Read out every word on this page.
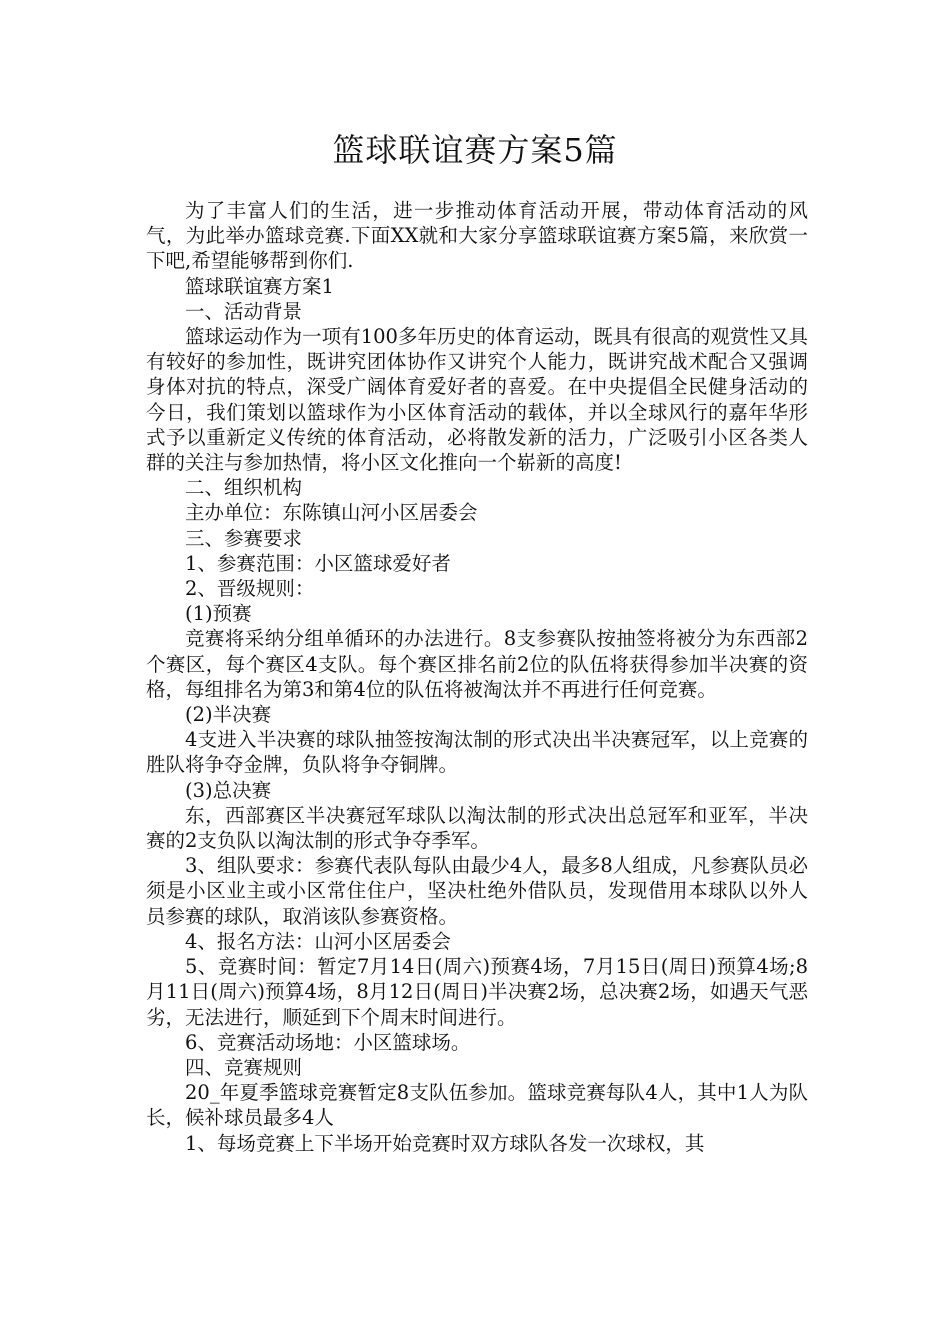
篮球联谊赛方案5篇

为了丰富人们的生活，进一步推动体育活动开展，带动体育活动的风气，为此举办篮球竞赛.下面XX就和大家分享篮球联谊赛方案5篇，来欣赏一下吧,希望能够帮到你们.

篮球联谊赛方案1

一、活动背景

篮球运动作为一项有100多年历史的体育运动，既具有很高的观赏性又具有较好的参加性，既讲究团体协作又讲究个人能力，既讲究战术配合又强调身体对抗的特点，深受广阔体育爱好者的喜爱。在中央提倡全民健身活动的今日，我们策划以篮球作为小区体育活动的载体，并以全球风行的嘉年华形式予以重新定义传统的体育活动，必将散发新的活力，广泛吸引小区各类人群的关注与参加热情，将小区文化推向一个崭新的高度!

二、组织机构

主办单位：东陈镇山河小区居委会

三、参赛要求

1、参赛范围：小区篮球爱好者

2、晋级规则：

(1)预赛

竞赛将采纳分组单循环的办法进行。8支参赛队按抽签将被分为东西部2个赛区，每个赛区4支队。每个赛区排名前2位的队伍将获得参加半决赛的资格，每组排名为第3和第4位的队伍将被淘汰并不再进行任何竞赛。

(2)半决赛

4支进入半决赛的球队抽签按淘汰制的形式决出半决赛冠军，以上竞赛的胜队将争夺金牌，负队将争夺铜牌。

(3)总决赛

东，西部赛区半决赛冠军球队以淘汰制的形式决出总冠军和亚军，半决赛的2支负队以淘汰制的形式争夺季军。

3、组队要求：参赛代表队每队由最少4人，最多8人组成，凡参赛队员必须是小区业主或小区常住住户，坚决杜绝外借队员，发现借用本球队以外人员参赛的球队，取消该队参赛资格。

4、报名方法：山河小区居委会

5、竞赛时间：暂定7月14日(周六)预赛4场，7月15日(周日)预算4场;8月11日(周六)预算4场，8月12日(周日)半决赛2场，总决赛2场，如遇天气恶劣，无法进行，顺延到下个周末时间进行。

6、竞赛活动场地：小区篮球场。

四、竞赛规则

20_年夏季篮球竞赛暂定8支队伍参加。篮球竞赛每队4人，其中1人为队长，候补球员最多4人

1、每场竞赛上下半场开始竞赛时双方球队各发一次球权，其
